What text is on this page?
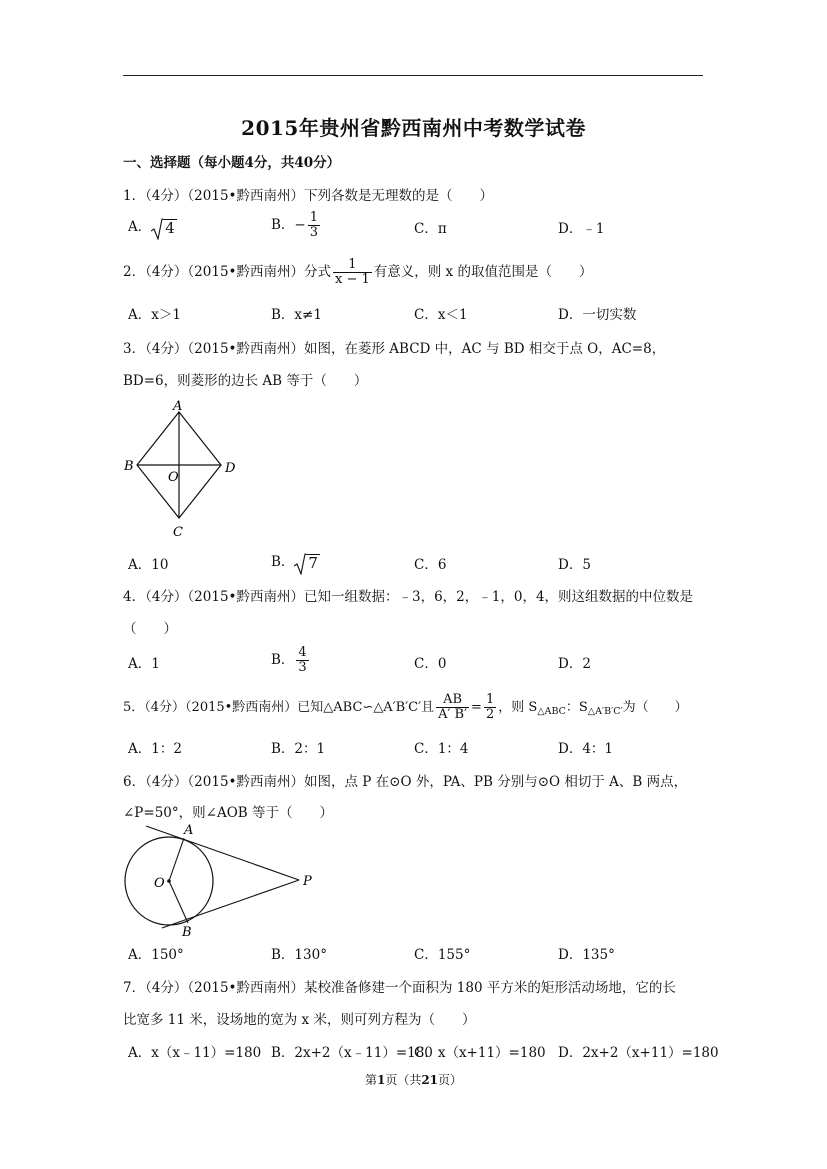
2015年贵州省黔西南州中考数学试卷
一、选择题（每小题4分，共40分）
1．（4分）（2015•黔西南州）下列各数是无理数的是（　　）
A． 4	B．− $\frac{1}{3}$	C．π	D．﹣1
2．（4分）（2015•黔西南州）分式 $\frac{1}{x - 1}$ 有意义，则 x 的取值范围是（　　）
A．x＞1	B．x≠1	C．x＜1	D．一切实数
3．（4分）（2015•黔西南州）如图，在菱形 ABCD 中，AC 与 BD 相交于点 O，AC=8，
BD=6，则菱形的边长 AB 等于（　　）
A
B
C
D
O
A．10	B． 7	C．6	D．5
4．（4分）（2015•黔西南州）已知一组数据：﹣3，6，2，﹣1，0，4，则这组数据的中位数是
（　　）
A．1	B． $\frac{4}{3}$	C．0	D．2
5．（4分）（2015•黔西南州）已知△ABC∽△A′B′C′且 $\frac{AB}{A' B'} = \frac{1}{2}$ ，则 $S_{\triangle ABC}$：$S_{\triangle A'B'C'}$为（　　）
A．1：2	B．2：1	C．1：4	D．4：1
6．（4分）（2015•黔西南州）如图，点 P 在⊙O 外，PA、PB 分别与⊙O 相切于 A、B 两点，
∠P=50°，则∠AOB 等于（　　）
A
B
O	P
A．150°	B．130°	C．155°	D．135°
7．（4分）（2015•黔西南州）某校准备修建一个面积为 180 平方米的矩形活动场地，它的长
比宽多 11 米，设场地的宽为 x 米，则可列方程为（　　）
A．x（x﹣11）=180 B．2x+2（x﹣11）=180
C．x（x+11）=180 D．2x+2（x+11）=180
第1页（共21页）
